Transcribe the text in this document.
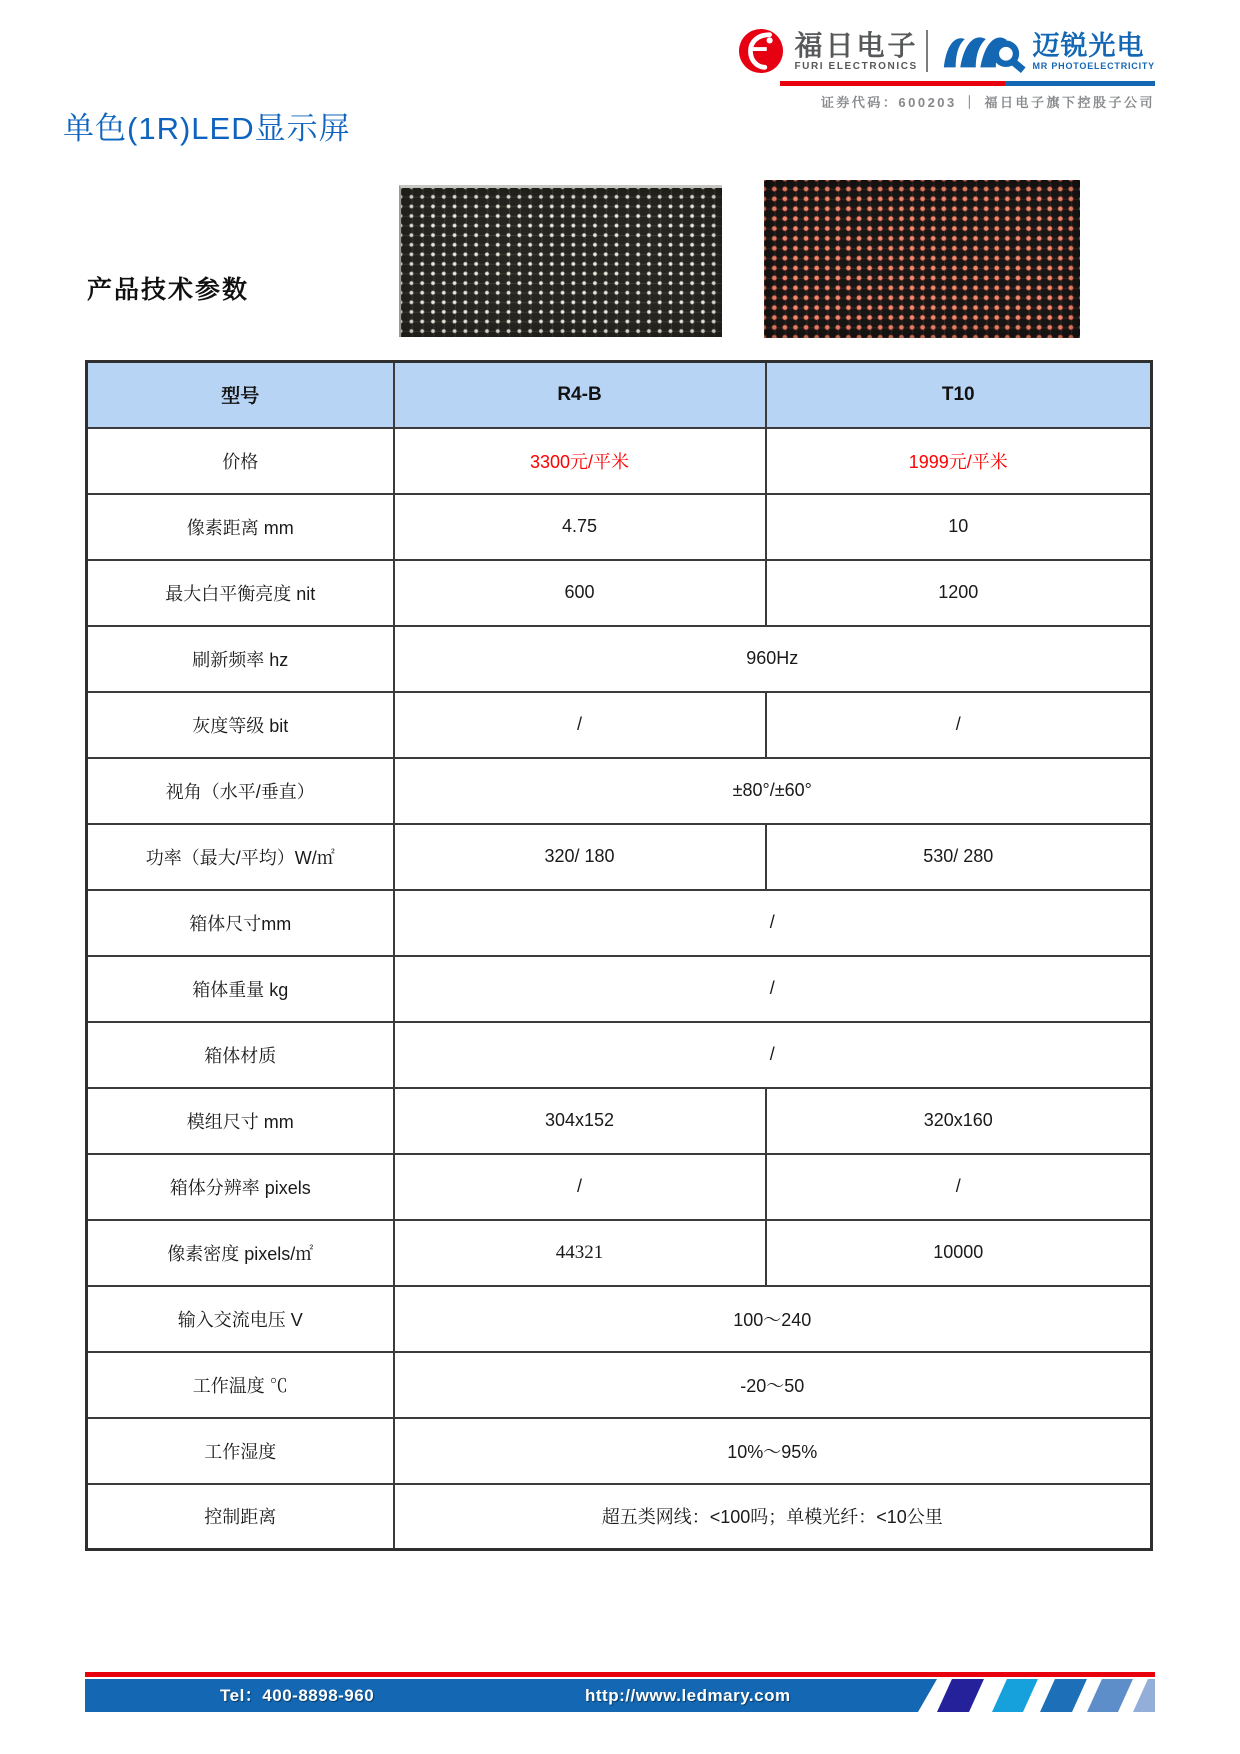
福日电子
FURI ELECTRONICS
迈锐光电
MR PHOTOELECTRICITY
证券代码：600203 ｜ 福日电子旗下控股子公司
单色(1R)LED显示屏
产品技术参数
型号	R4-B	T10
价格	3300元/平米	1999元/平米
像素距离 mm	4.75	10
最大白平衡亮度 nit	600	1200
刷新频率 hz	960Hz	
灰度等级 bit	/	/
视角（水平/垂直）	±80°/±60°	
功率（最大/平均）W/㎡	320/ 180	530/ 280
箱体尺寸mm	/	
箱体重量 kg	/	
箱体材质	/	
模组尺寸 mm	304x152	320x160
箱体分辨率 pixels	/	/
像素密度 pixels/㎡	44321	10000
输入交流电压 V	100～240	
工作温度 ℃	-20～50	
工作湿度	10%～95%	
控制距离	超五类网线：<100吗；单模光纤：<10公里	
Tel：400-8898-960	http://www.ledmary.com
